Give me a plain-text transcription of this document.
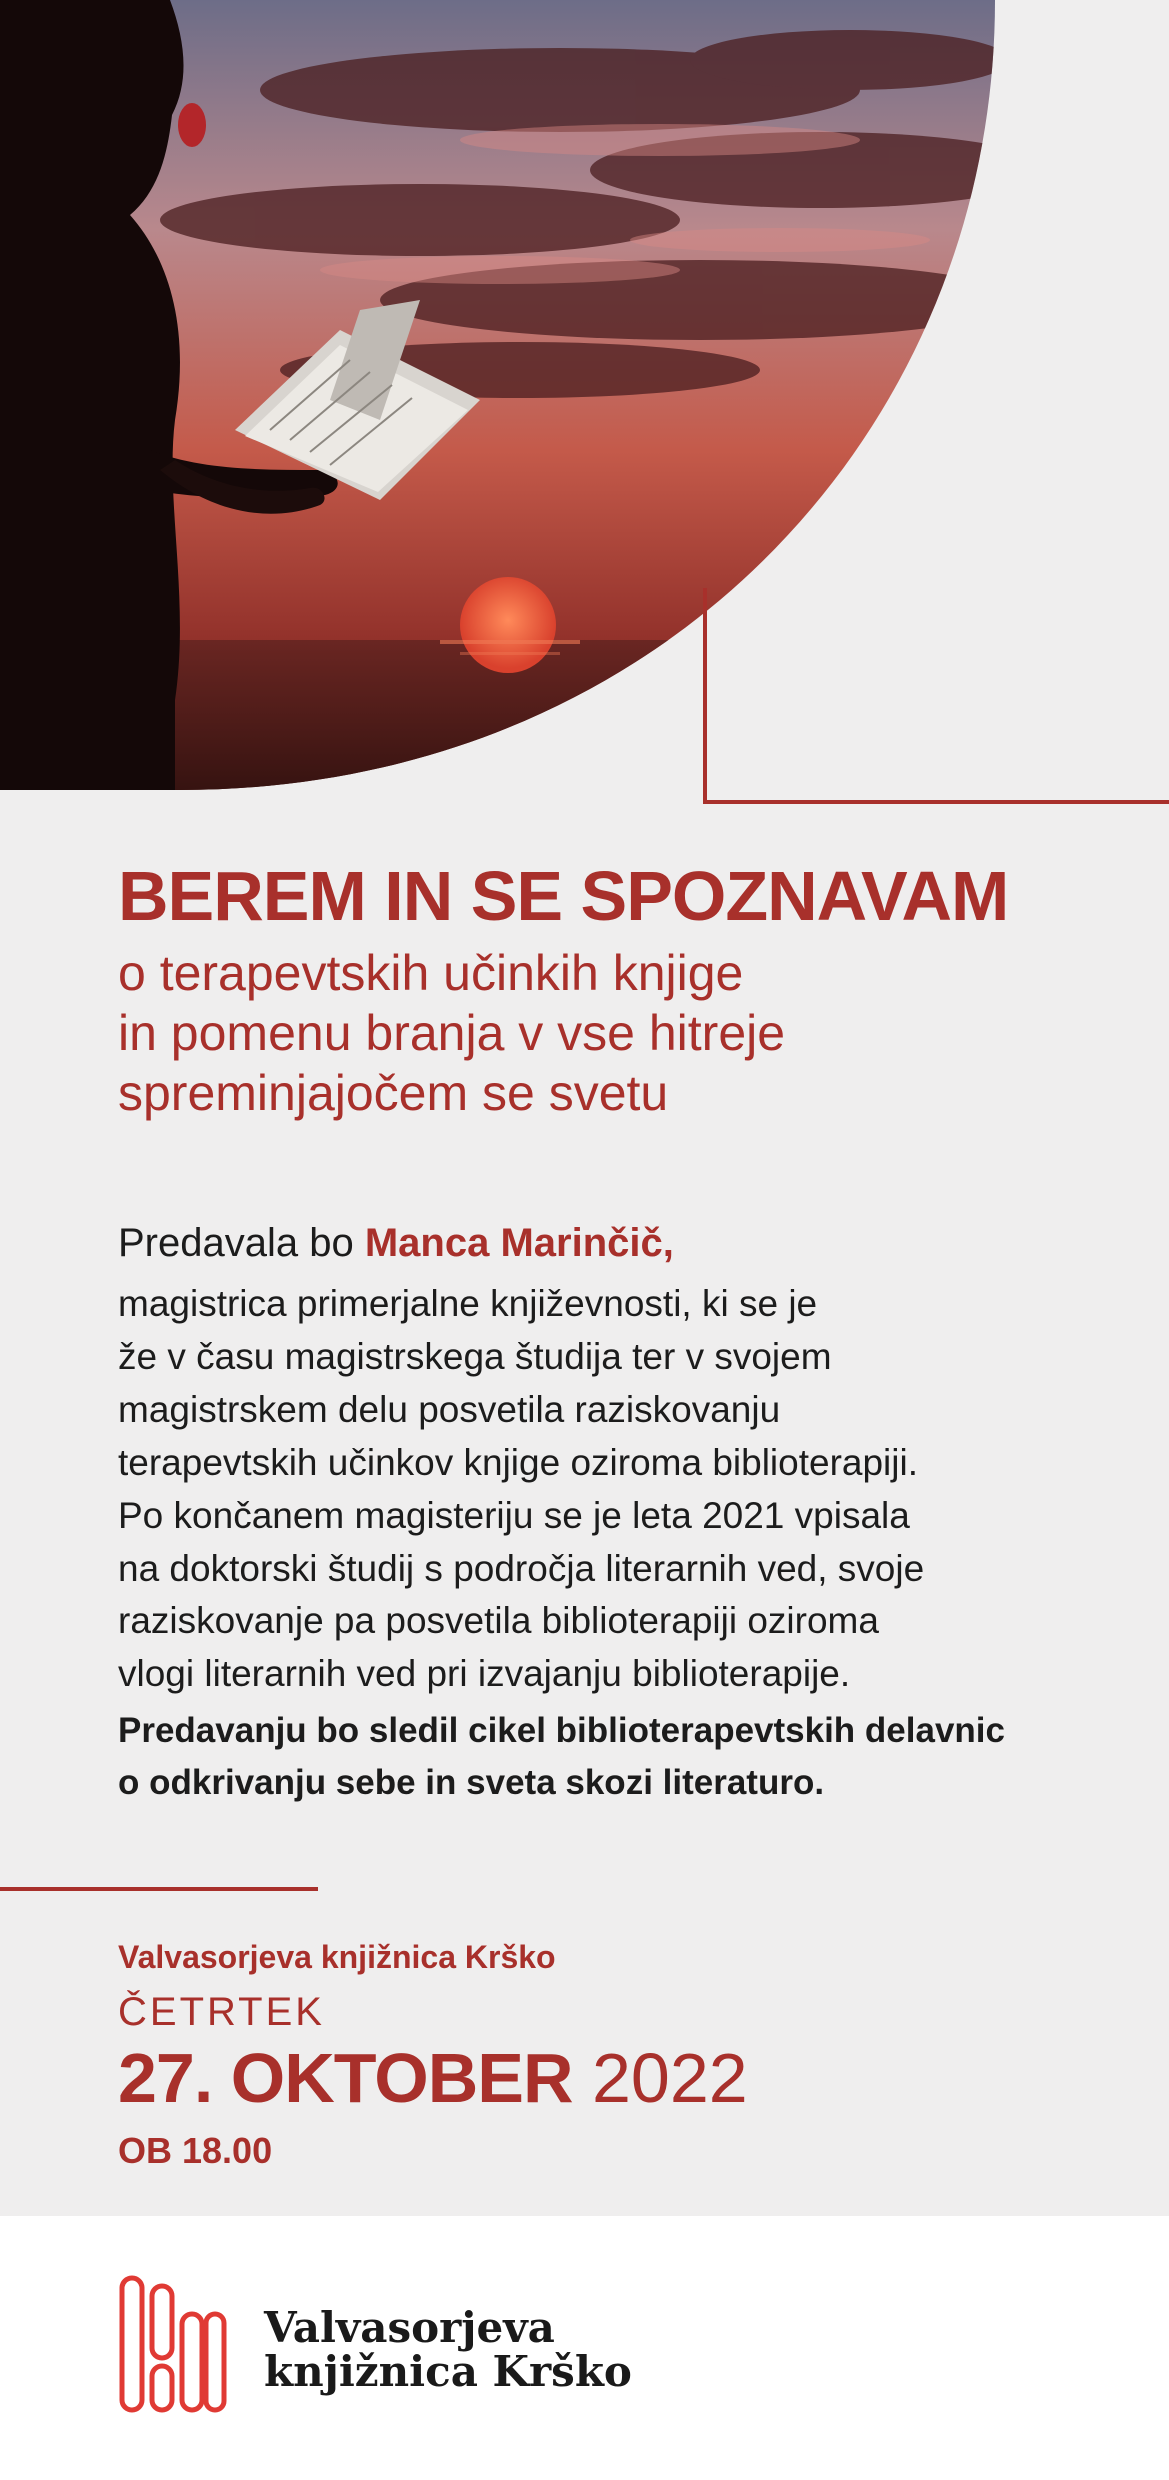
BEREM IN SE SPOZNAVAM

o terapevtskih učinkih knjige
in pomenu branja v vse hitreje
spreminjajočem se svetu

Predavala bo Manca Marinčič,

magistrica primerjalne književnosti, ki se je
že v času magistrskega študija ter v svojem
magistrskem delu posvetila raziskovanju
terapevtskih učinkov knjige oziroma biblioterapiji.
Po končanem magisteriju se je leta 2021 vpisala
na doktorski študij s področja literarnih ved, svoje
raziskovanje pa posvetila biblioterapiji oziroma
vlogi literarnih ved pri izvajanju biblioterapije.

Predavanju bo sledil cikel biblioterapevtskih delavnic
o odkrivanju sebe in sveta skozi literaturo.

Valvasorjeva knjižnica Krško

ČETRTEK

27. OKTOBER 2022

OB 18.00

Valvasorjeva
knjižnica Krško
